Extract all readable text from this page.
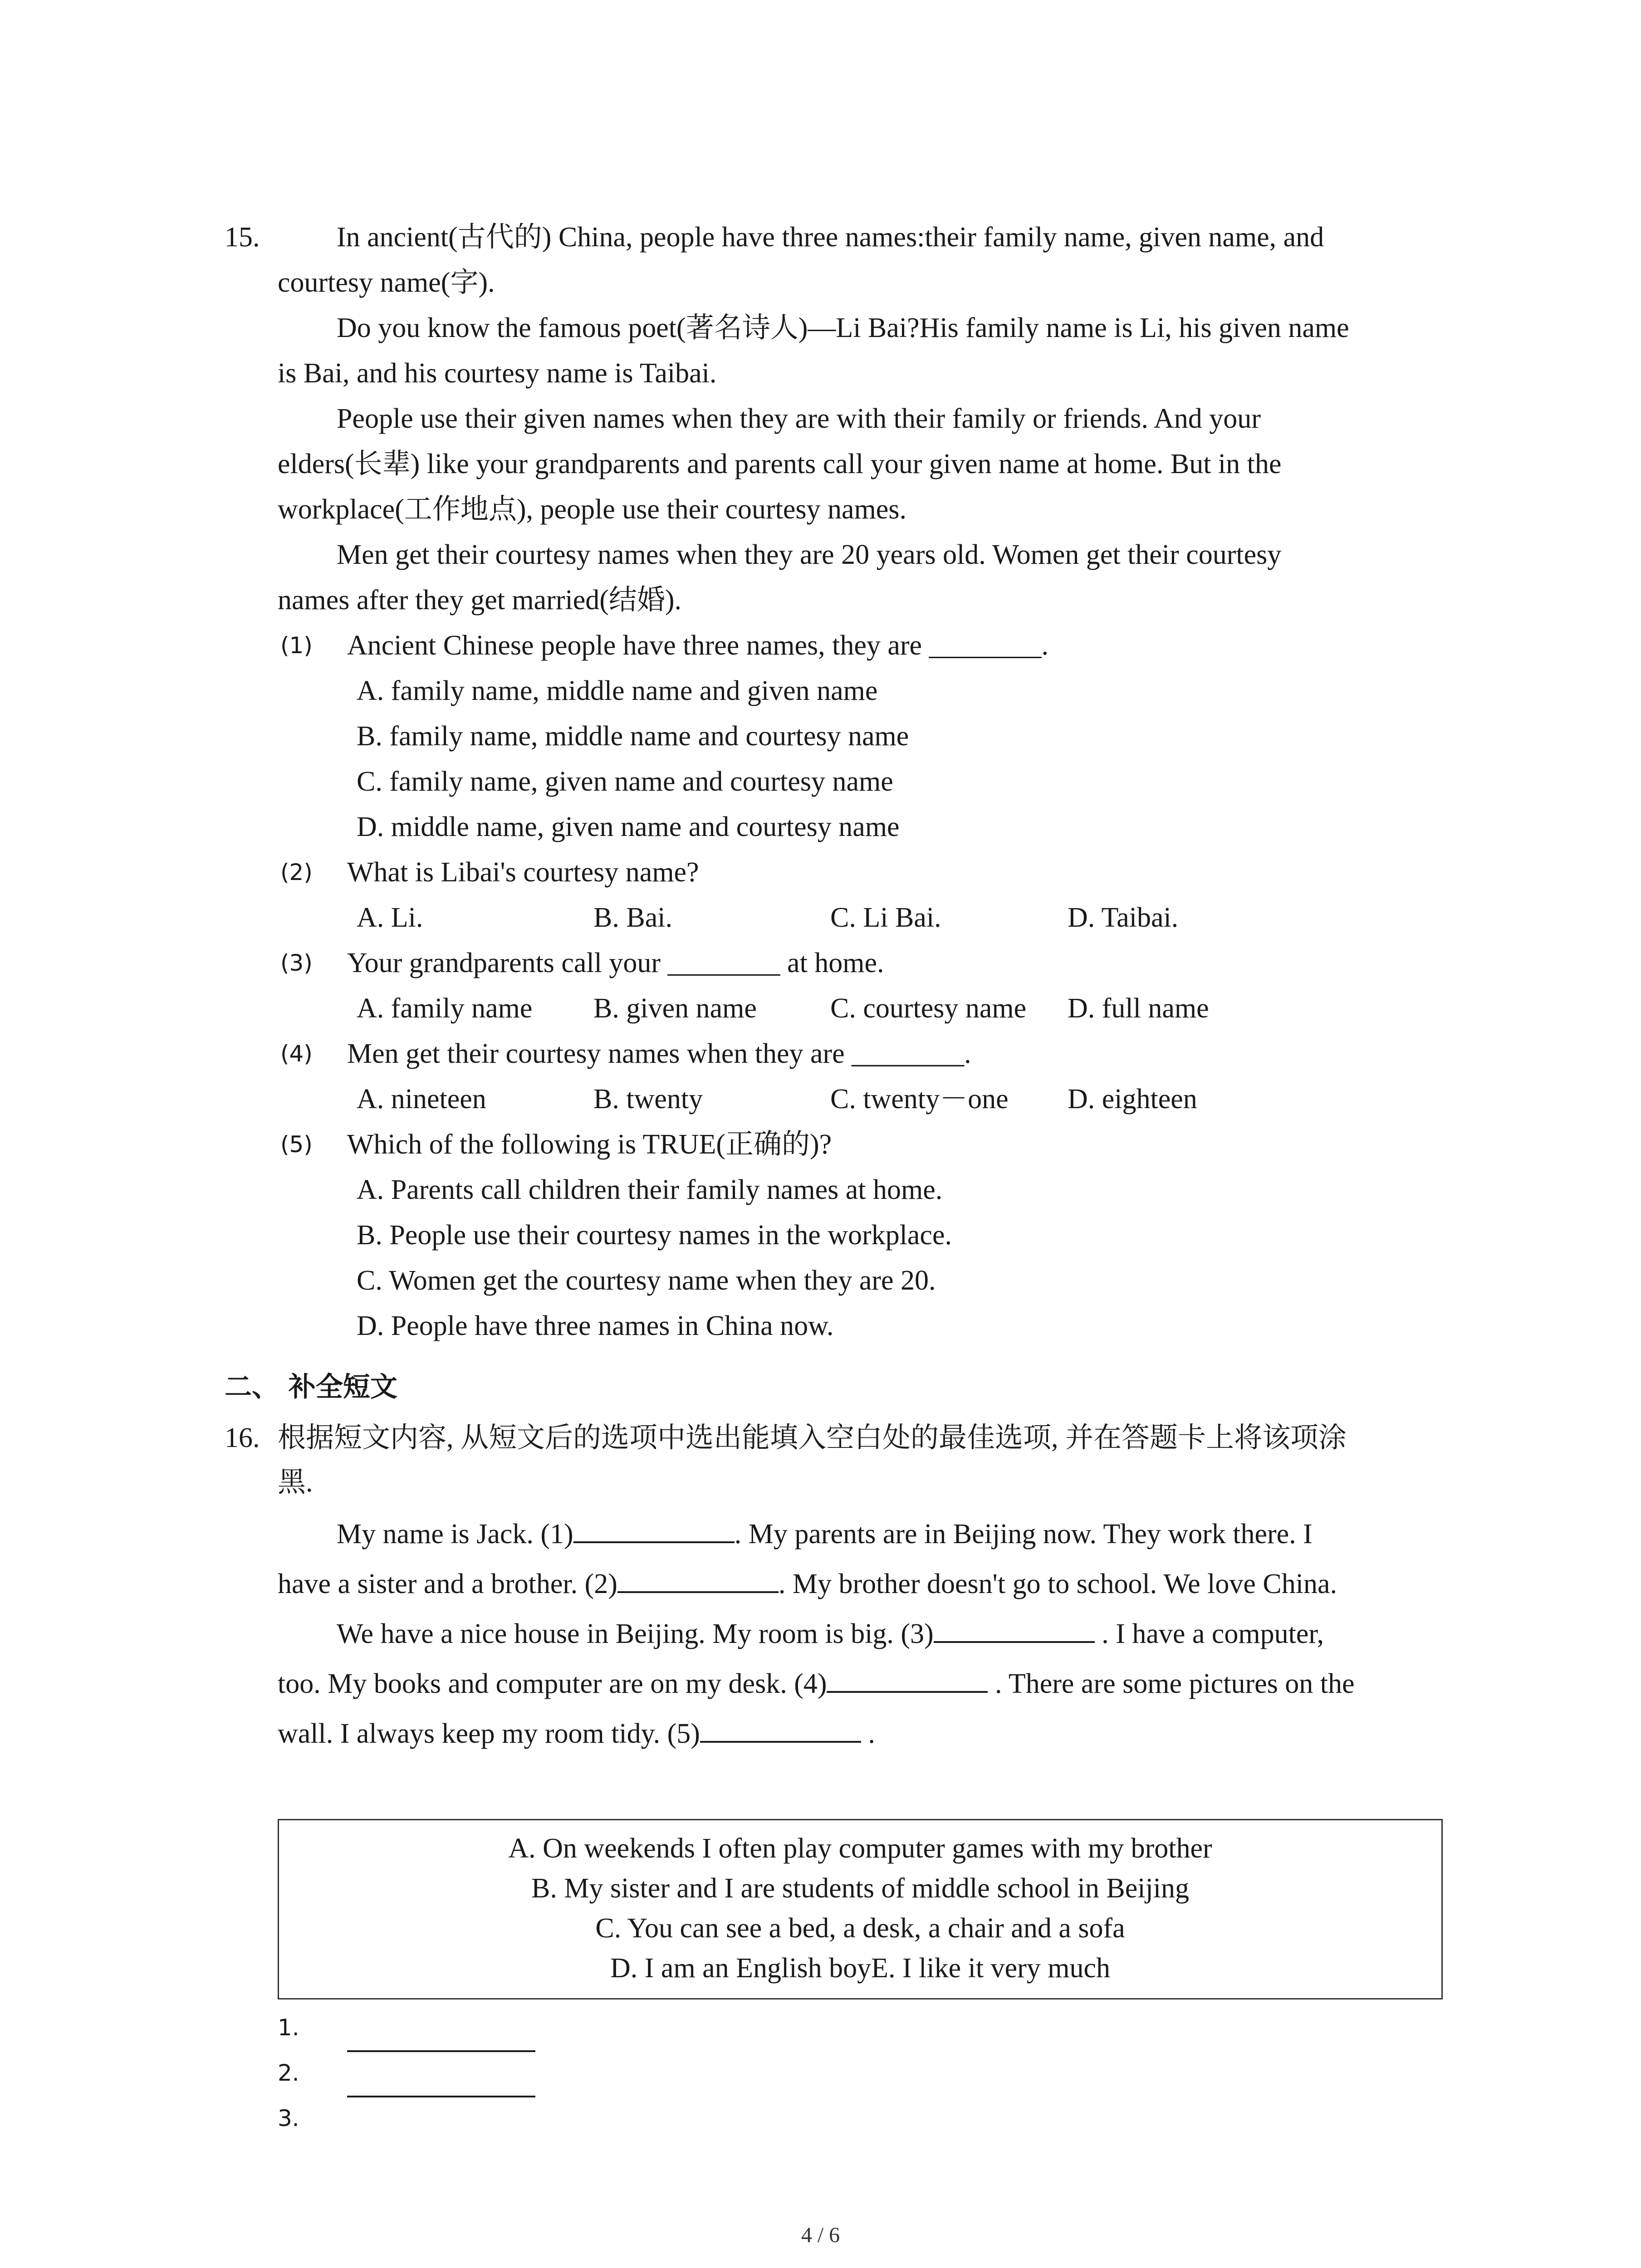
15.	In ancient(古代的) China, people have three names:their family name, given name, and
courtesy name(字).
Do you know the famous poet(著名诗人)—Li Bai?His family name is Li, his given name
is Bai, and his courtesy name is Taibai.
People use their given names when they are with their family or friends. And your
elders(长辈) like your grandparents and parents call your given name at home. But in the
workplace(工作地点), people use their courtesy names.
Men get their courtesy names when they are 20 years old. Women get their courtesy
names after they get married(结婚).
(1) Ancient Chinese people have three names, they are ________.
A. family name, middle name and given name
B. family name, middle name and courtesy name
C. family name, given name and courtesy name
D. middle name, given name and courtesy name
(2) What is Libai's courtesy name?
A. Li.	B. Bai.	C. Li Bai.	D. Taibai.
(3) Your grandparents call your ________ at home.
A. family name B. given name	C. courtesy name D. full name
(4) Men get their courtesy names when they are ________.
A. nineteen	B. twenty	C. twenty－one D. eighteen
(5) Which of the following is TRUE(正确的)?
A. Parents call children their family names at home.
B. People use their courtesy names in the workplace.
C. Women get the courtesy name when they are 20.
D. People have three names in China now.
二、 补全短文
16. 根据短文内容, 从短文后的选项中选出能填入空白处的最佳选项, 并在答题卡上将该项涂
黑.
My name is Jack. (1)	. My parents are in Beijing now. They work there. I
have a sister and a brother. (2)	. My brother doesn't go to school. We love China.
We have a nice house in Beijing. My room is big. (3)	. I have a computer,
too. My books and computer are on my desk. (4)	. There are some pictures on the
wall. I always keep my room tidy. (5)	.
A. On weekends I often play computer games with my brother
B. My sister and I are students of middle school in Beijing
C. You can see a bed, a desk, a chair and a sofa
D. I am an English boyE. I like it very much
1.
2.
3.
4 / 6
